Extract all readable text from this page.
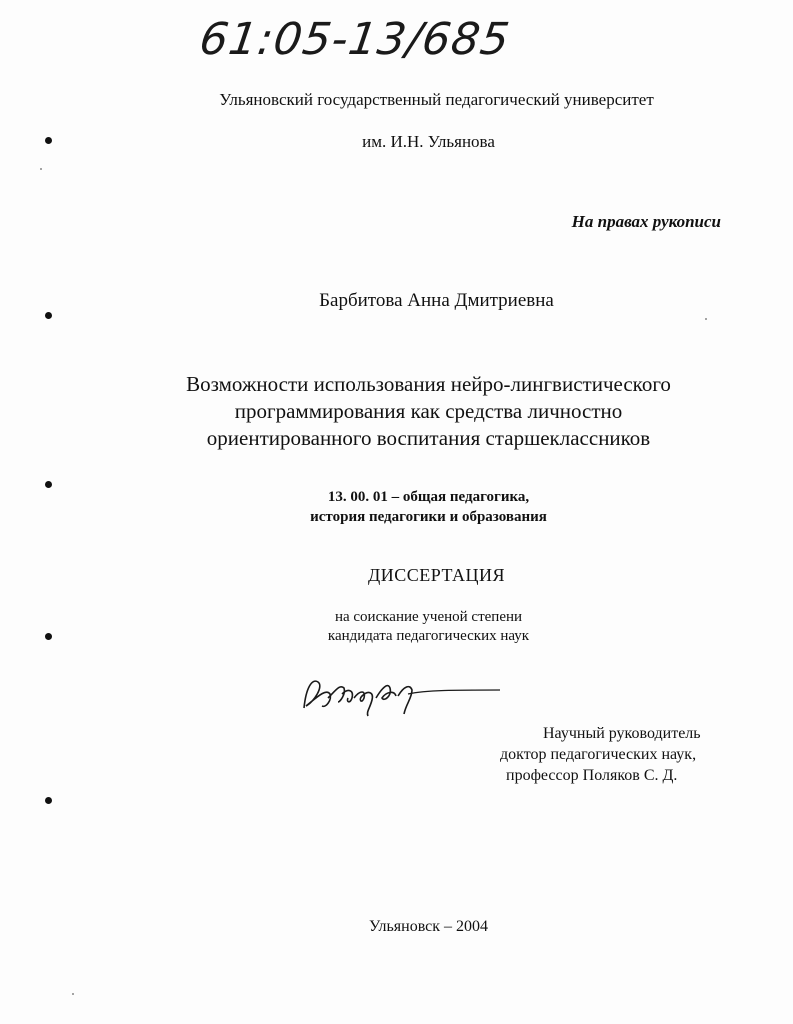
61:05-13/685
Ульяновский государственный педагогический университет
им. И.Н. Ульянова
На правах рукописи
Барбитова Анна Дмитриевна
Возможности использования нейро-лингвистического
программирования как средства личностно
ориентированного воспитания старшеклассников
13. 00. 01 – общая педагогика,
история педагогики и образования
ДИССЕРТАЦИЯ
на соискание ученой степени
кандидата педагогических наук
Научный руководитель
доктор педагогических наук,
профессор Поляков С. Д.
Ульяновск – 2004
